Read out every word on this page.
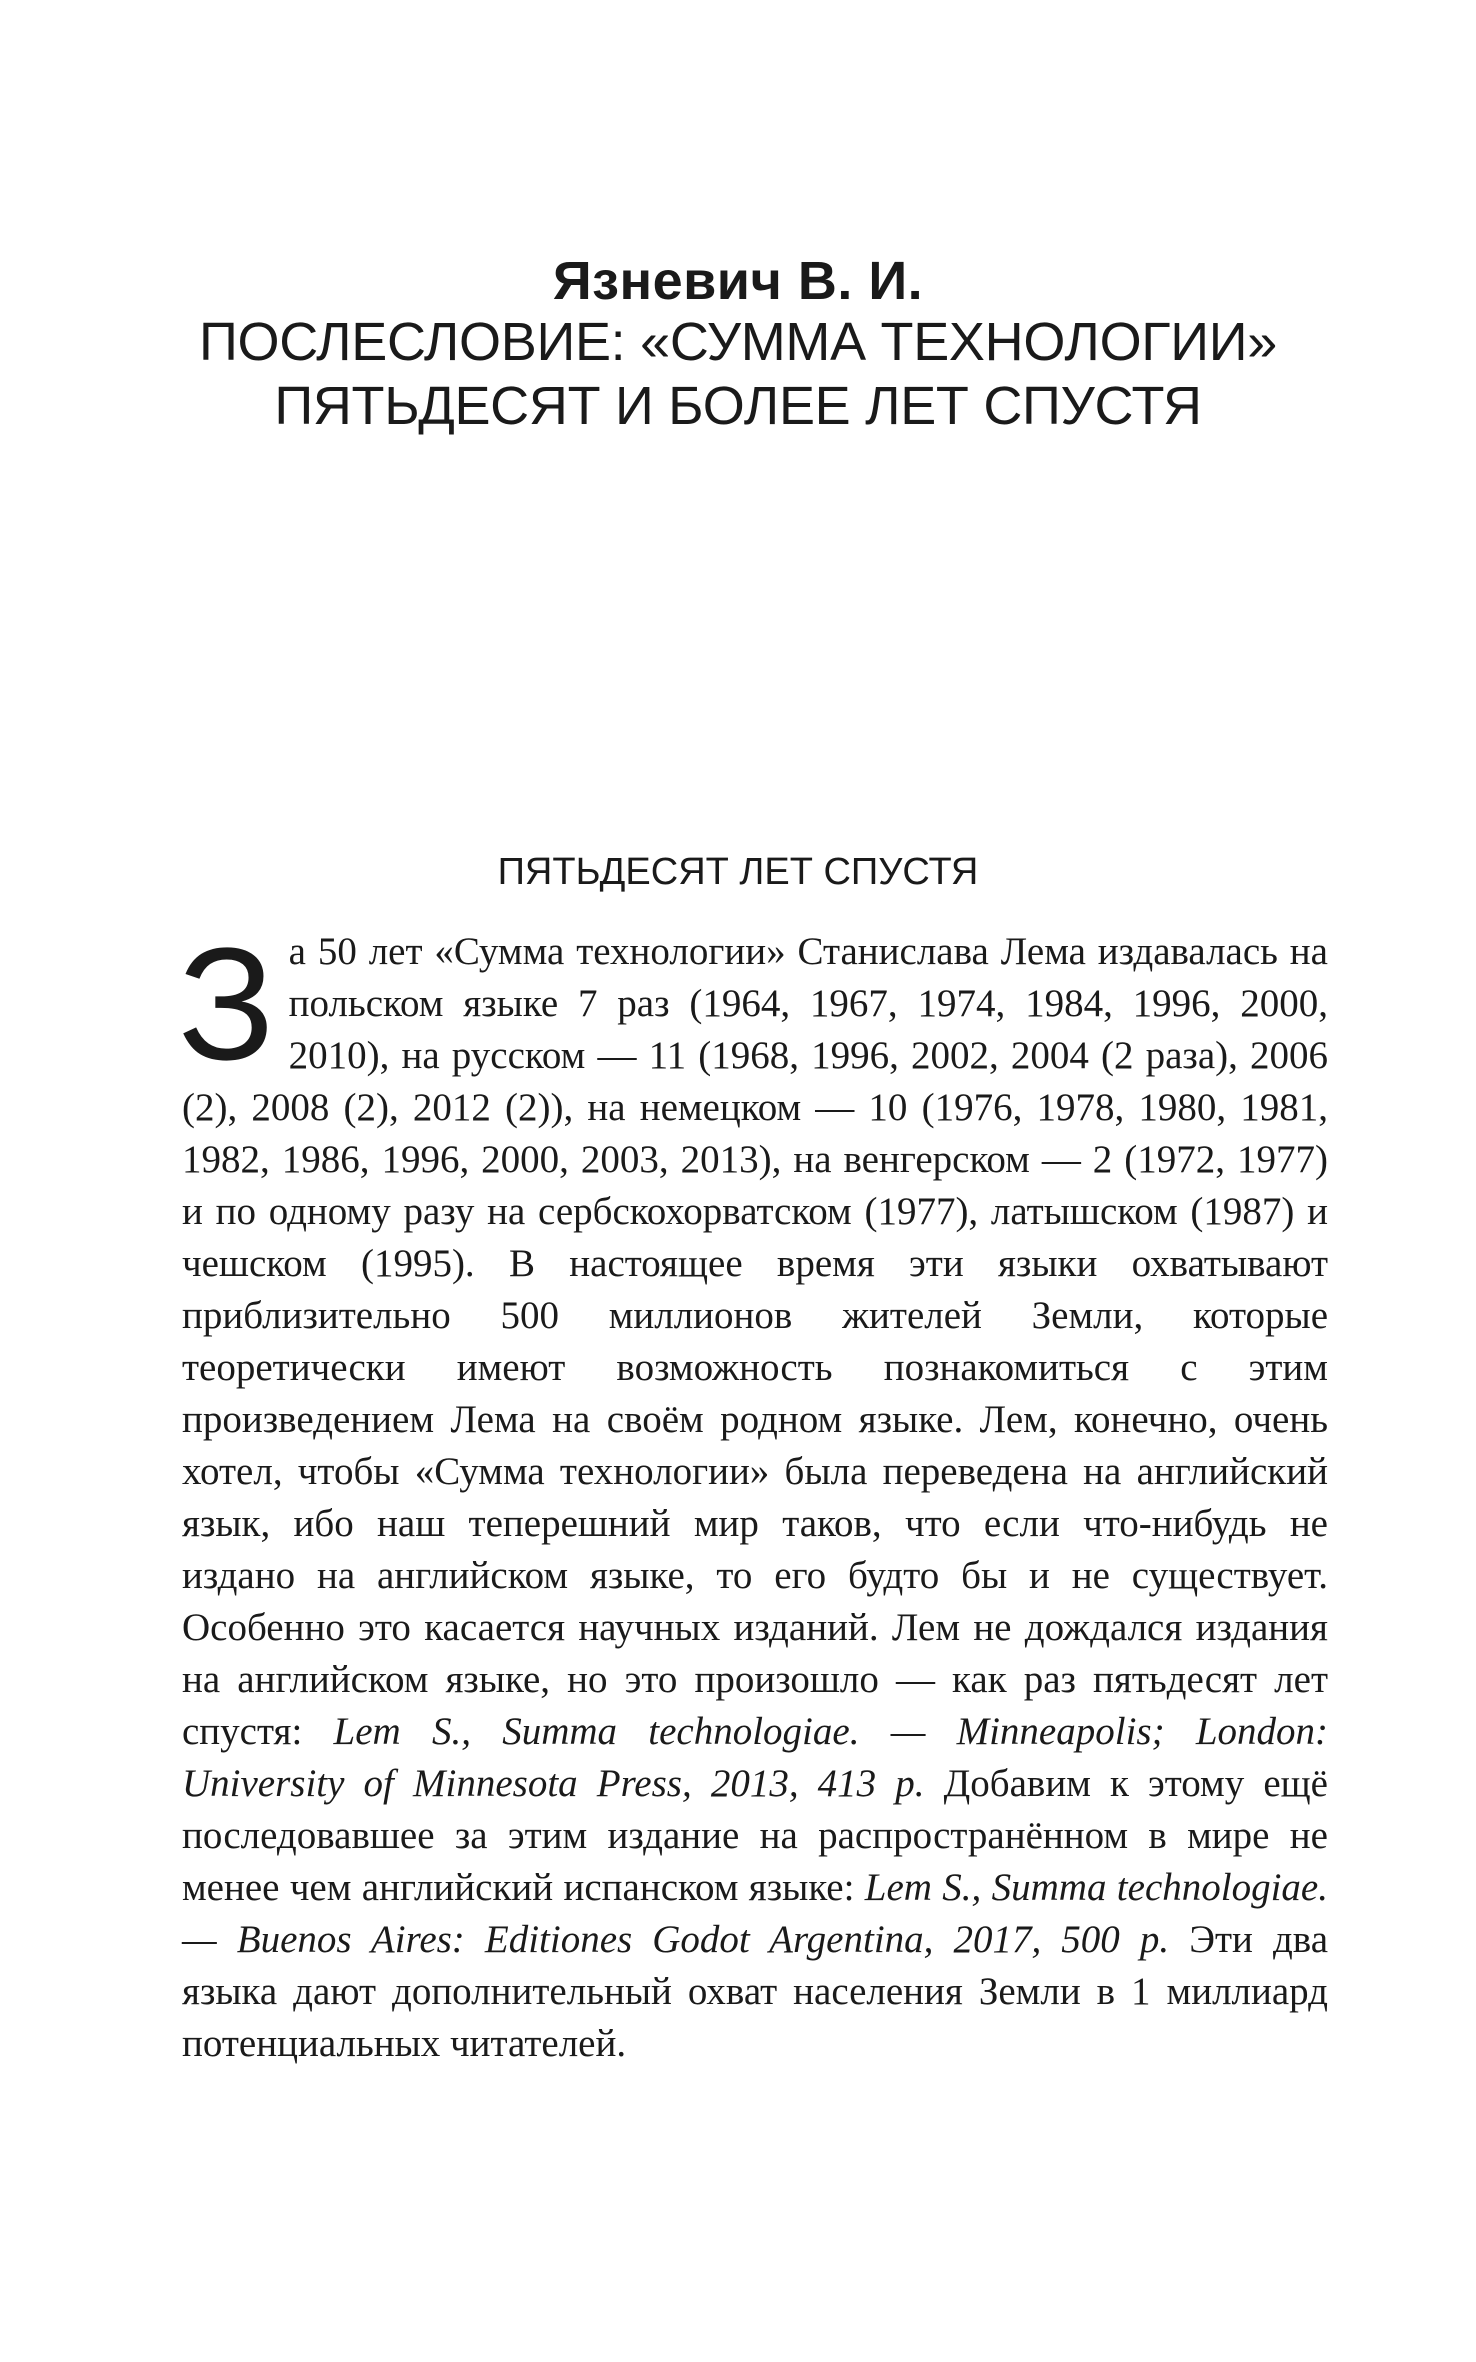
Язневич В. И.
ПОСЛЕСЛОВИЕ: «СУММА ТЕХНОЛОГИИ»
ПЯТЬДЕСЯТ И БОЛЕЕ ЛЕТ СПУСТЯ
ПЯТЬДЕСЯТ ЛЕТ СПУСТЯ
За 50 лет «Сумма технологии» Станислава Лема издавалась на польском языке 7 раз (1964, 1967, 1974, 1984, 1996, 2000, 2010), на русском — 11 (1968, 1996, 2002, 2004 (2 раза), 2006 (2), 2008 (2), 2012 (2)), на немецком — 10 (1976, 1978, 1980, 1981, 1982, 1986, 1996, 2000, 2003, 2013), на венгерском — 2 (1972, 1977) и по одному разу на сербскохорватском (1977), латышском (1987) и чешском (1995). В настоящее время эти языки охватывают приблизительно 500 миллионов жителей Земли, которые теоретически имеют возможность познакомиться с этим произведением Лема на своём родном языке. Лем, конечно, очень хотел, чтобы «Сумма технологии» была переведена на английский язык, ибо наш теперешний мир таков, что если что-нибудь не издано на английском языке, то его будто бы и не существует. Особенно это касается научных изданий. Лем не дождался издания на английском языке, но это произошло — как раз пятьдесят лет спустя: Lem S., Summa technologiae. — Minneapolis; London: University of Minnesota Press, 2013, 413 p. Добавим к этому ещё последовавшее за этим издание на распространённом в мире не менее чем английский испанском языке: Lem S., Summa technologiae. — Buenos Aires: Editiones Godot Argentina, 2017, 500 p. Эти два языка дают дополнительный охват населения Земли в 1 миллиард потенциальных читателей.
